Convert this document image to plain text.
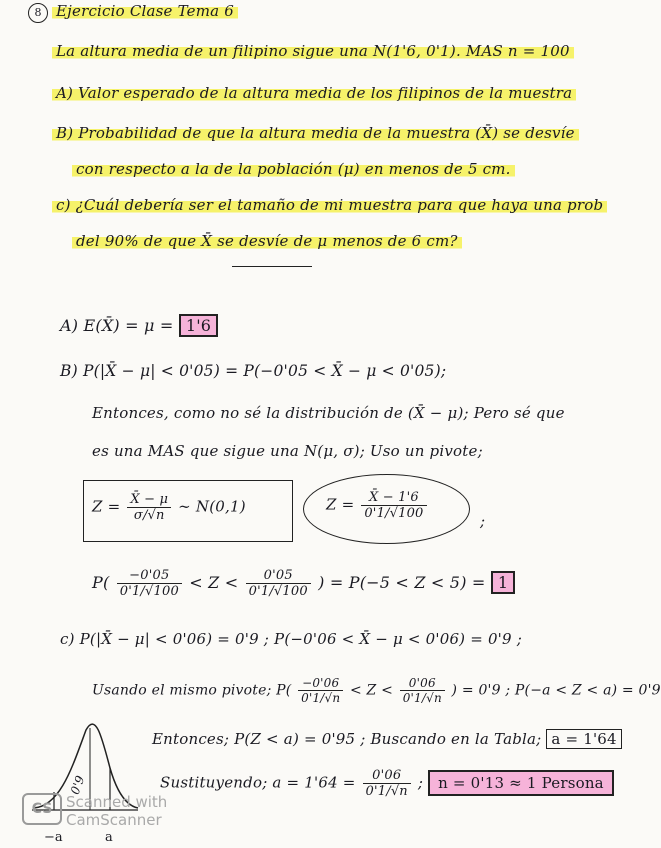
8 Ejercicio Clase Tema 6
La altura media de un filipino sigue una N(1'6, 0'1). MAS n = 100
A) Valor esperado de la altura media de los filipinos de la muestra
B) Probabilidad de que la altura media de la muestra (X̄) se desvíe
con respecto a la de la población (μ) en menos de 5 cm.
c) ¿Cuál debería ser el tamaño de mi muestra para que haya una prob
del 90% de que X̄ se desvíe de μ menos de 6 cm?
A) E(X̄) = μ = 1'6
B) P(|X̄ − μ| < 0'05) = P(−0'05 < X̄ − μ < 0'05);
Entonces, como no sé la distribución de (X̄ − μ); Pero sé que
es una MAS que sigue una N(μ, σ); Uso un pivote;
$Z = \frac{X̄ - \mu}{\sigma/√n}$ ∼ N(0,1)	$Z = \frac{X̄ - 1'6}{0'1/√100}$	;
$P( \frac{-0'05}{0'1/√100} < Z < \frac{0'05}{0'1/√100}$ ) = P(−5 < Z < 5) = 1
c) P(|X̄ − μ| < 0'06) = 0'9 ; P(−0'06 < X̄ − μ < 0'06) = 0'9 ;
Usando el mismo pivote; $P( \frac{-0'06}{0'1/√n} < Z < \frac{0'06}{0'1/√n}$ ) = 0'9 ; P(−a < Z < a) = 0'9
Entonces; P(Z < a) = 0'95 ; Buscando en la Tabla; a = 1'64
Sustituyendo; $a = 1'64 = \frac{0'06}{0'1/√n}$ ; n = 0'13 ≈ 1 Persona
0'9
−a	a
CS Scanned with
CamScanner
